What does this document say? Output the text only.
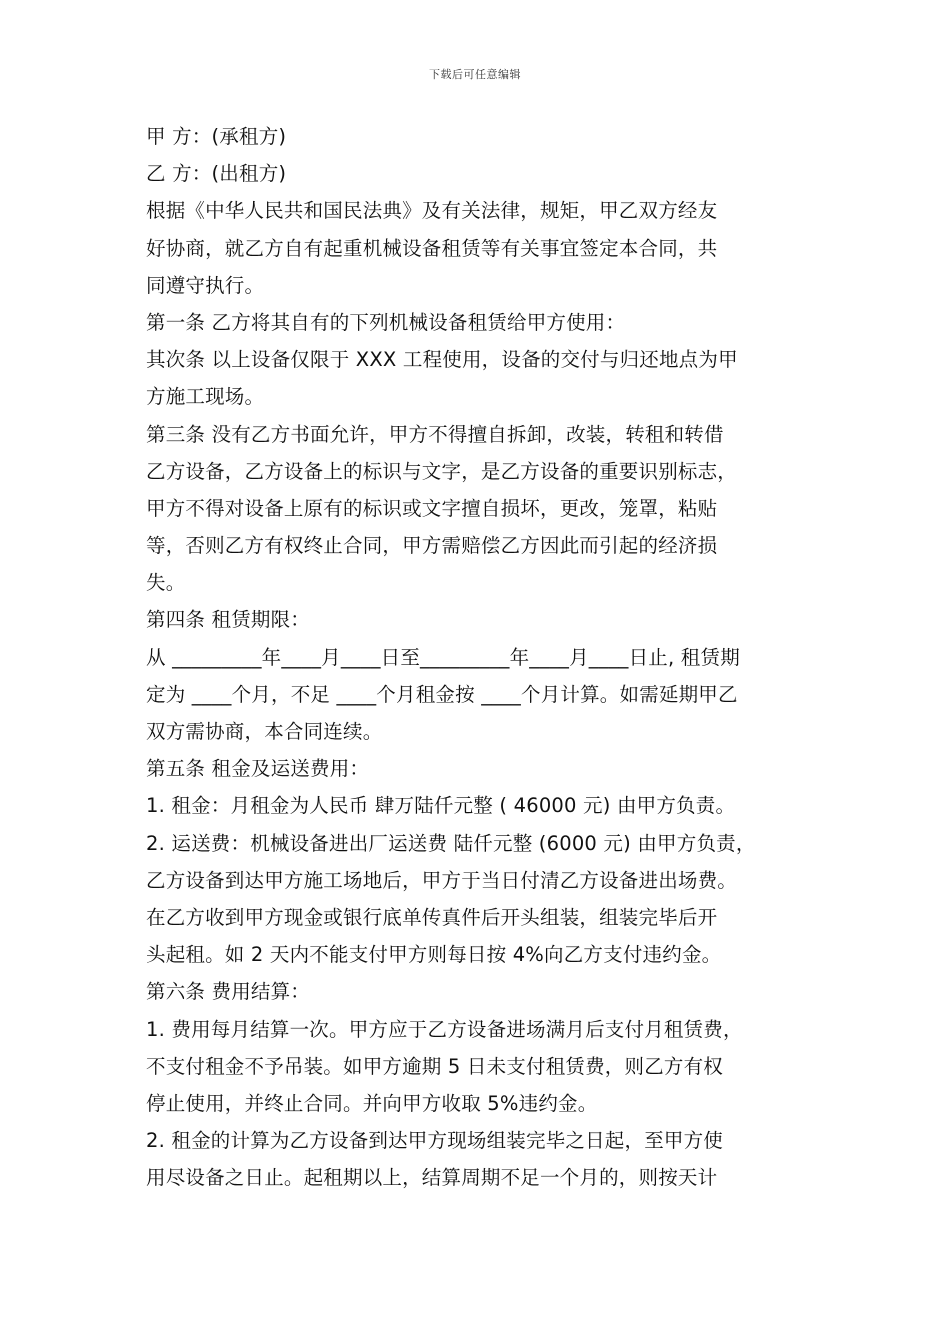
下载后可任意编辑
甲 方：(承租方)
乙 方：(出租方)
根据《中华人民共和国民法典》及有关法律，规矩，甲乙双方经友
好协商，就乙方自有起重机械设备租赁等有关事宜签定本合同，共
同遵守执行。
第一条 乙方将其自有的下列机械设备租赁给甲方使用：
其次条 以上设备仅限于 XXX 工程使用，设备的交付与归还地点为甲
方施工现场。
第三条 没有乙方书面允许，甲方不得擅自拆卸，改装，转租和转借
乙方设备，乙方设备上的标识与文字，是乙方设备的重要识别标志，
甲方不得对设备上原有的标识或文字擅自损坏，更改，笼罩，粘贴
等，否则乙方有权终止合同，甲方需赔偿乙方因此而引起的经济损
失。
第四条 租赁期限：
从 _________年____月____日至_________年____月____日止, 租赁期
定为 ____个月，不足 ____个月租金按 ____个月计算。如需延期甲乙
双方需协商，本合同连续。
第五条 租金及运送费用：
1. 租金：月租金为人民币 肆万陆仟元整 ( 46000 元) 由甲方负责。
2. 运送费：机械设备进出厂运送费 陆仟元整 (6000 元) 由甲方负责，
乙方设备到达甲方施工场地后，甲方于当日付清乙方设备进出场费。
在乙方收到甲方现金或银行底单传真件后开头组装，组装完毕后开
头起租。如 2 天内不能支付甲方则每日按 4%向乙方支付违约金。
第六条 费用结算：
1. 费用每月结算一次。甲方应于乙方设备进场满月后支付月租赁费，
不支付租金不予吊装。如甲方逾期 5 日未支付租赁费，则乙方有权
停止使用，并终止合同。并向甲方收取 5%违约金。
2. 租金的计算为乙方设备到达甲方现场组装完毕之日起，至甲方使
用尽设备之日止。起租期以上，结算周期不足一个月的，则按天计
